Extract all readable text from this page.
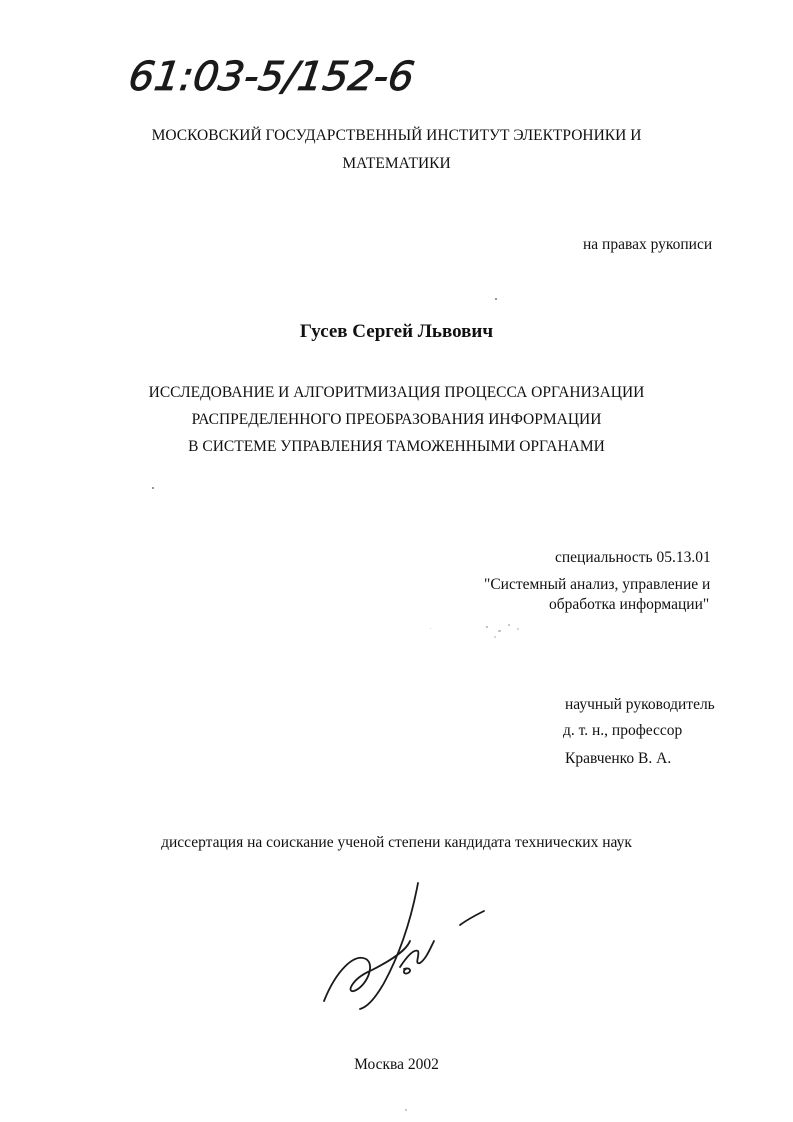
61:03-5/152-6
МОСКОВСКИЙ ГОСУДАРСТВЕННЫЙ ИНСТИТУТ ЭЛЕКТРОНИКИ И
МАТЕМАТИКИ
на правах рукописи
Гусев Сергей Львович
ИССЛЕДОВАНИЕ И АЛГОРИТМИЗАЦИЯ ПРОЦЕССА ОРГАНИЗАЦИИ
РАСПРЕДЕЛЕННОГО ПРЕОБРАЗОВАНИЯ ИНФОРМАЦИИ
В СИСТЕМЕ УПРАВЛЕНИЯ ТАМОЖЕННЫМИ ОРГАНАМИ
специальность 05.13.01
"Системный анализ, управление и
обработка информации"
научный руководитель
д. т. н., профессор
Кравченко В. А.
диссертация на соискание ученой степени кандидата технических наук
Москва 2002
